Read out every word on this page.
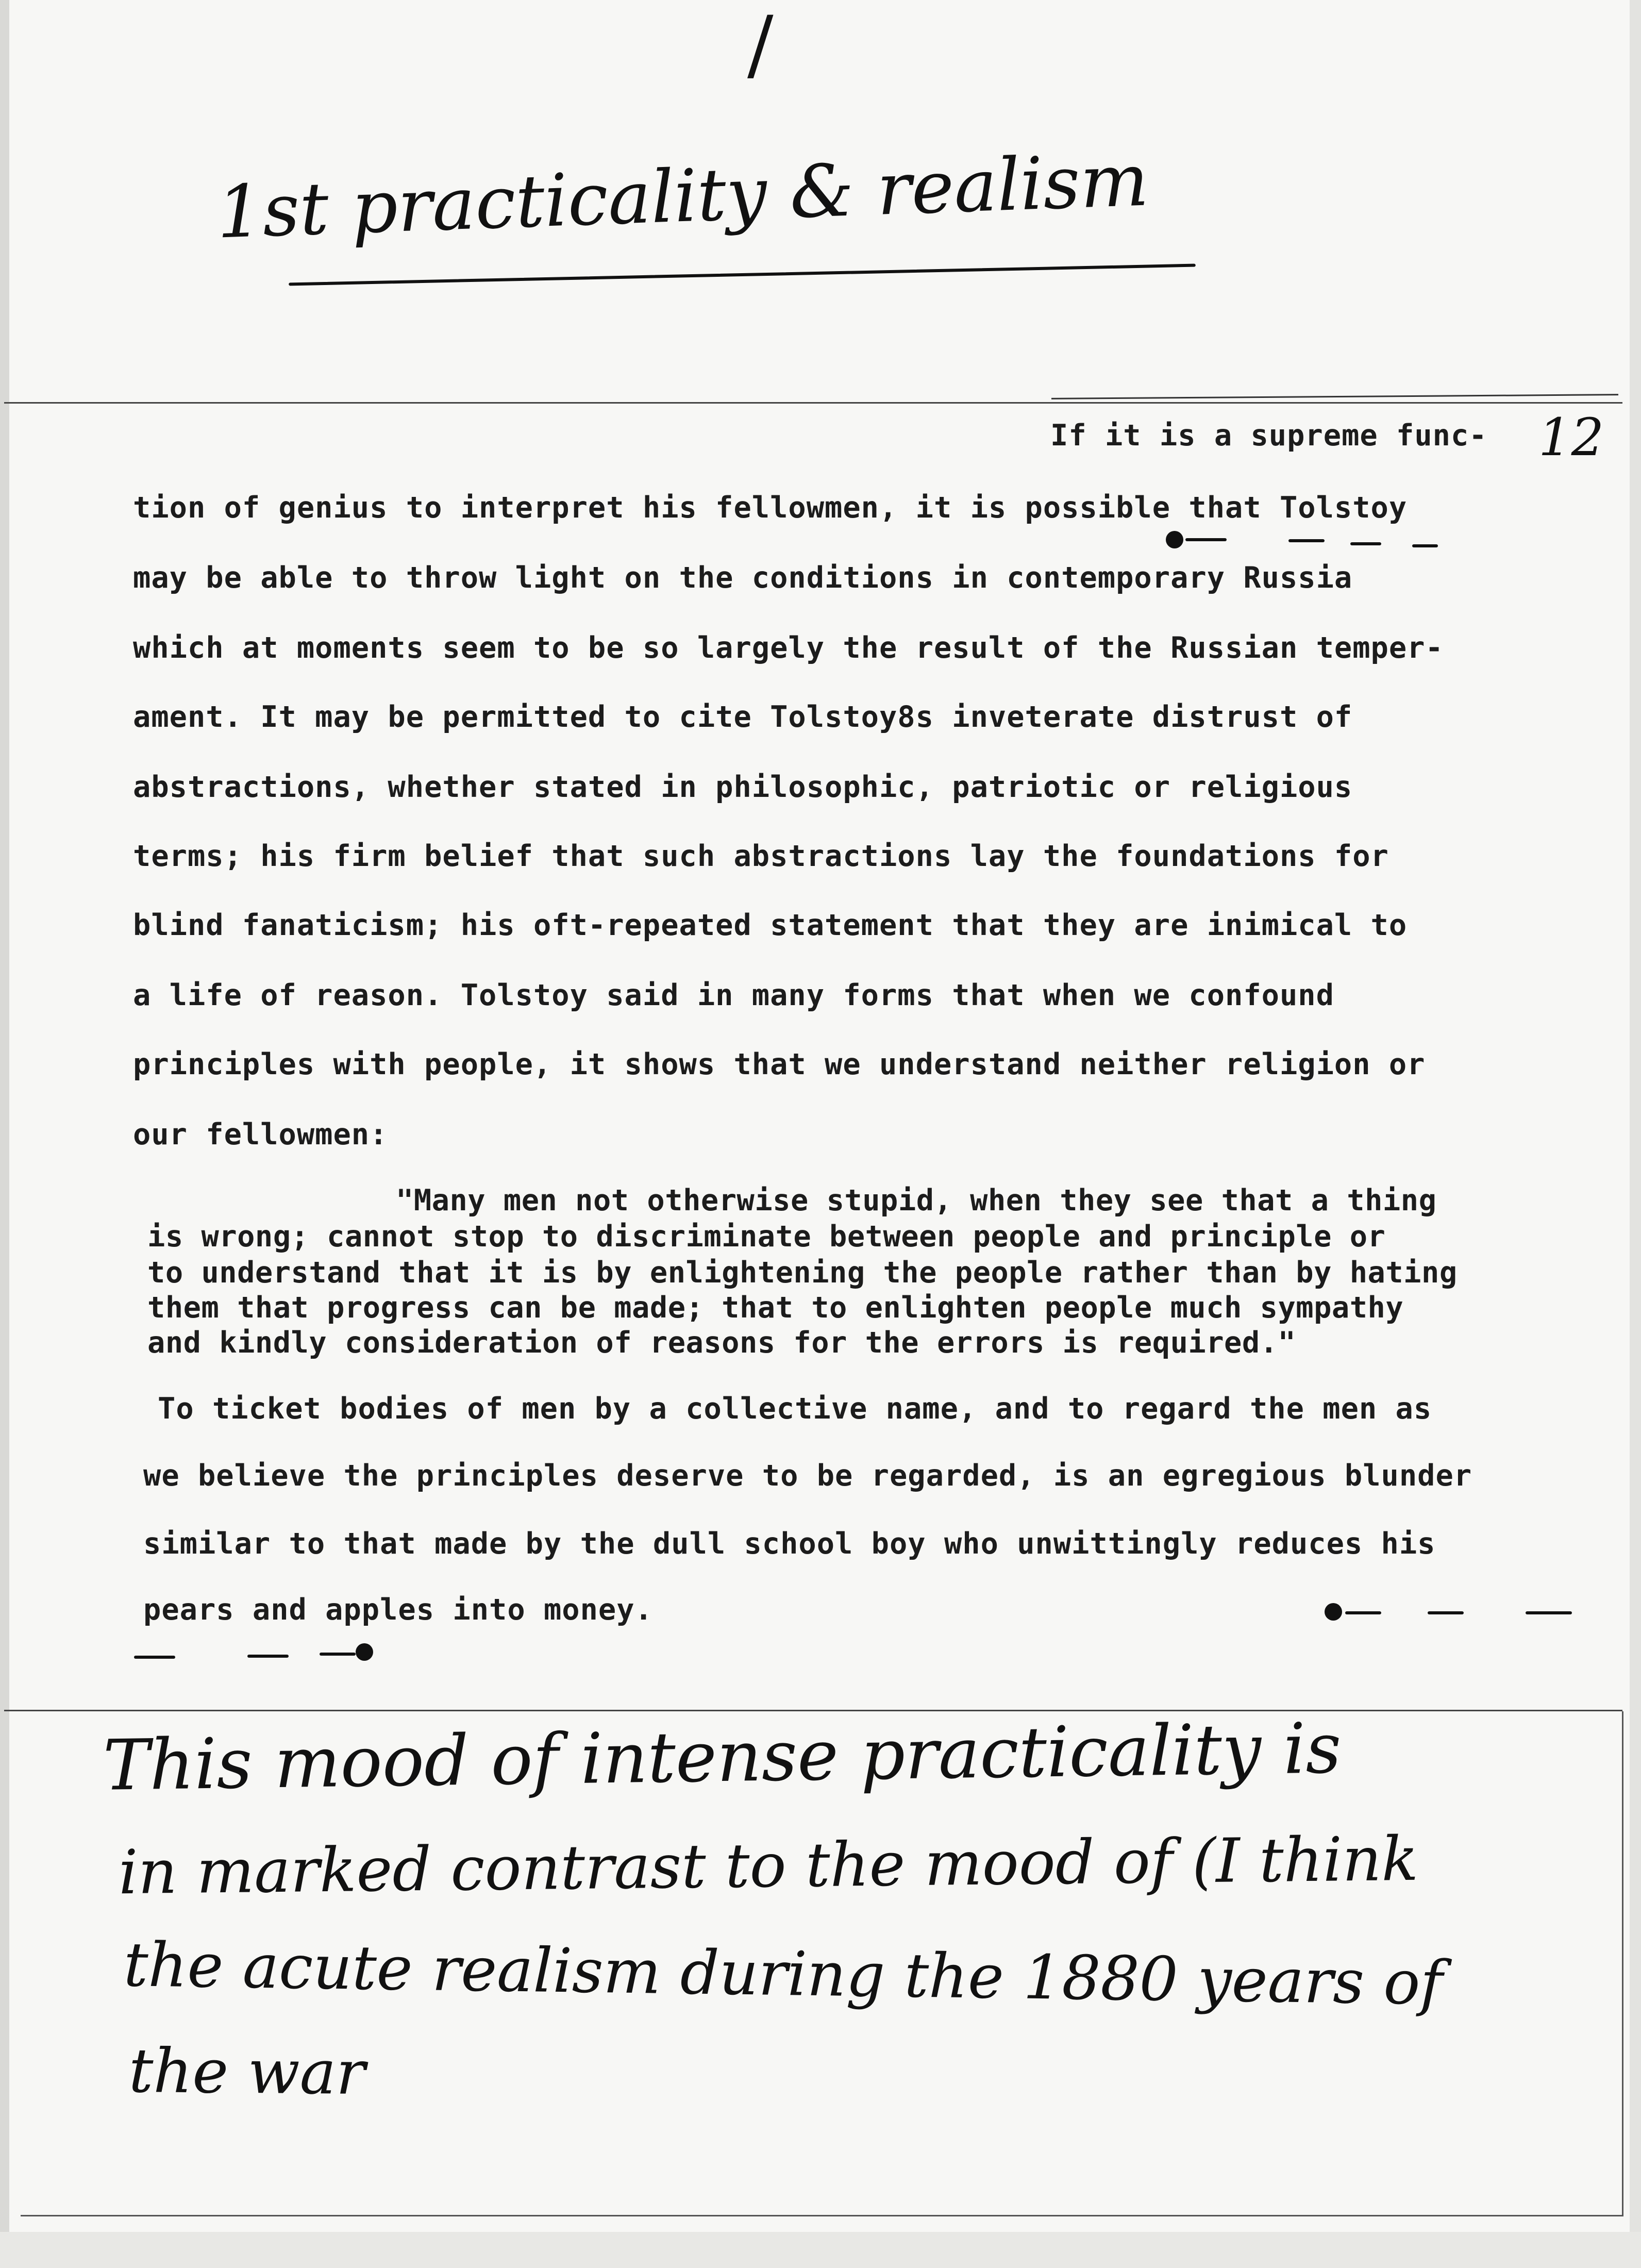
/
1st practicality & realism
12
If it is a supreme func-
tion of genius to interpret his fellowmen, it is possible that Tolstoy
may be able to throw light on the conditions in contemporary Russia
which at moments seem to be so largely the result of the Russian temper-
ament. It may be permitted to cite Tolstoy8s inveterate distrust of
abstractions, whether stated in philosophic, patriotic or religious
terms; his firm belief that such abstractions lay the foundations for
blind fanaticism; his oft-repeated statement that they are inimical to
a life of reason. Tolstoy said in many forms that when we confound
principles with people, it shows that we understand neither religion or
our fellowmen:
"Many men not otherwise stupid, when they see that a thing
is wrong; cannot stop to discriminate between people and principle or
to understand that it is by enlightening the people rather than by hating
them that progress can be made; that to enlighten people much sympathy
and kindly consideration of reasons for the errors is required."
To ticket bodies of men by a collective name, and to regard the men as
we believe the principles deserve to be regarded, is an egregious blunder
similar to that made by the dull school boy who unwittingly reduces his
pears and apples into money.
This mood of intense practicality is
in marked contrast to the mood of (I think
the acute realism during the 1880 years of
the war
